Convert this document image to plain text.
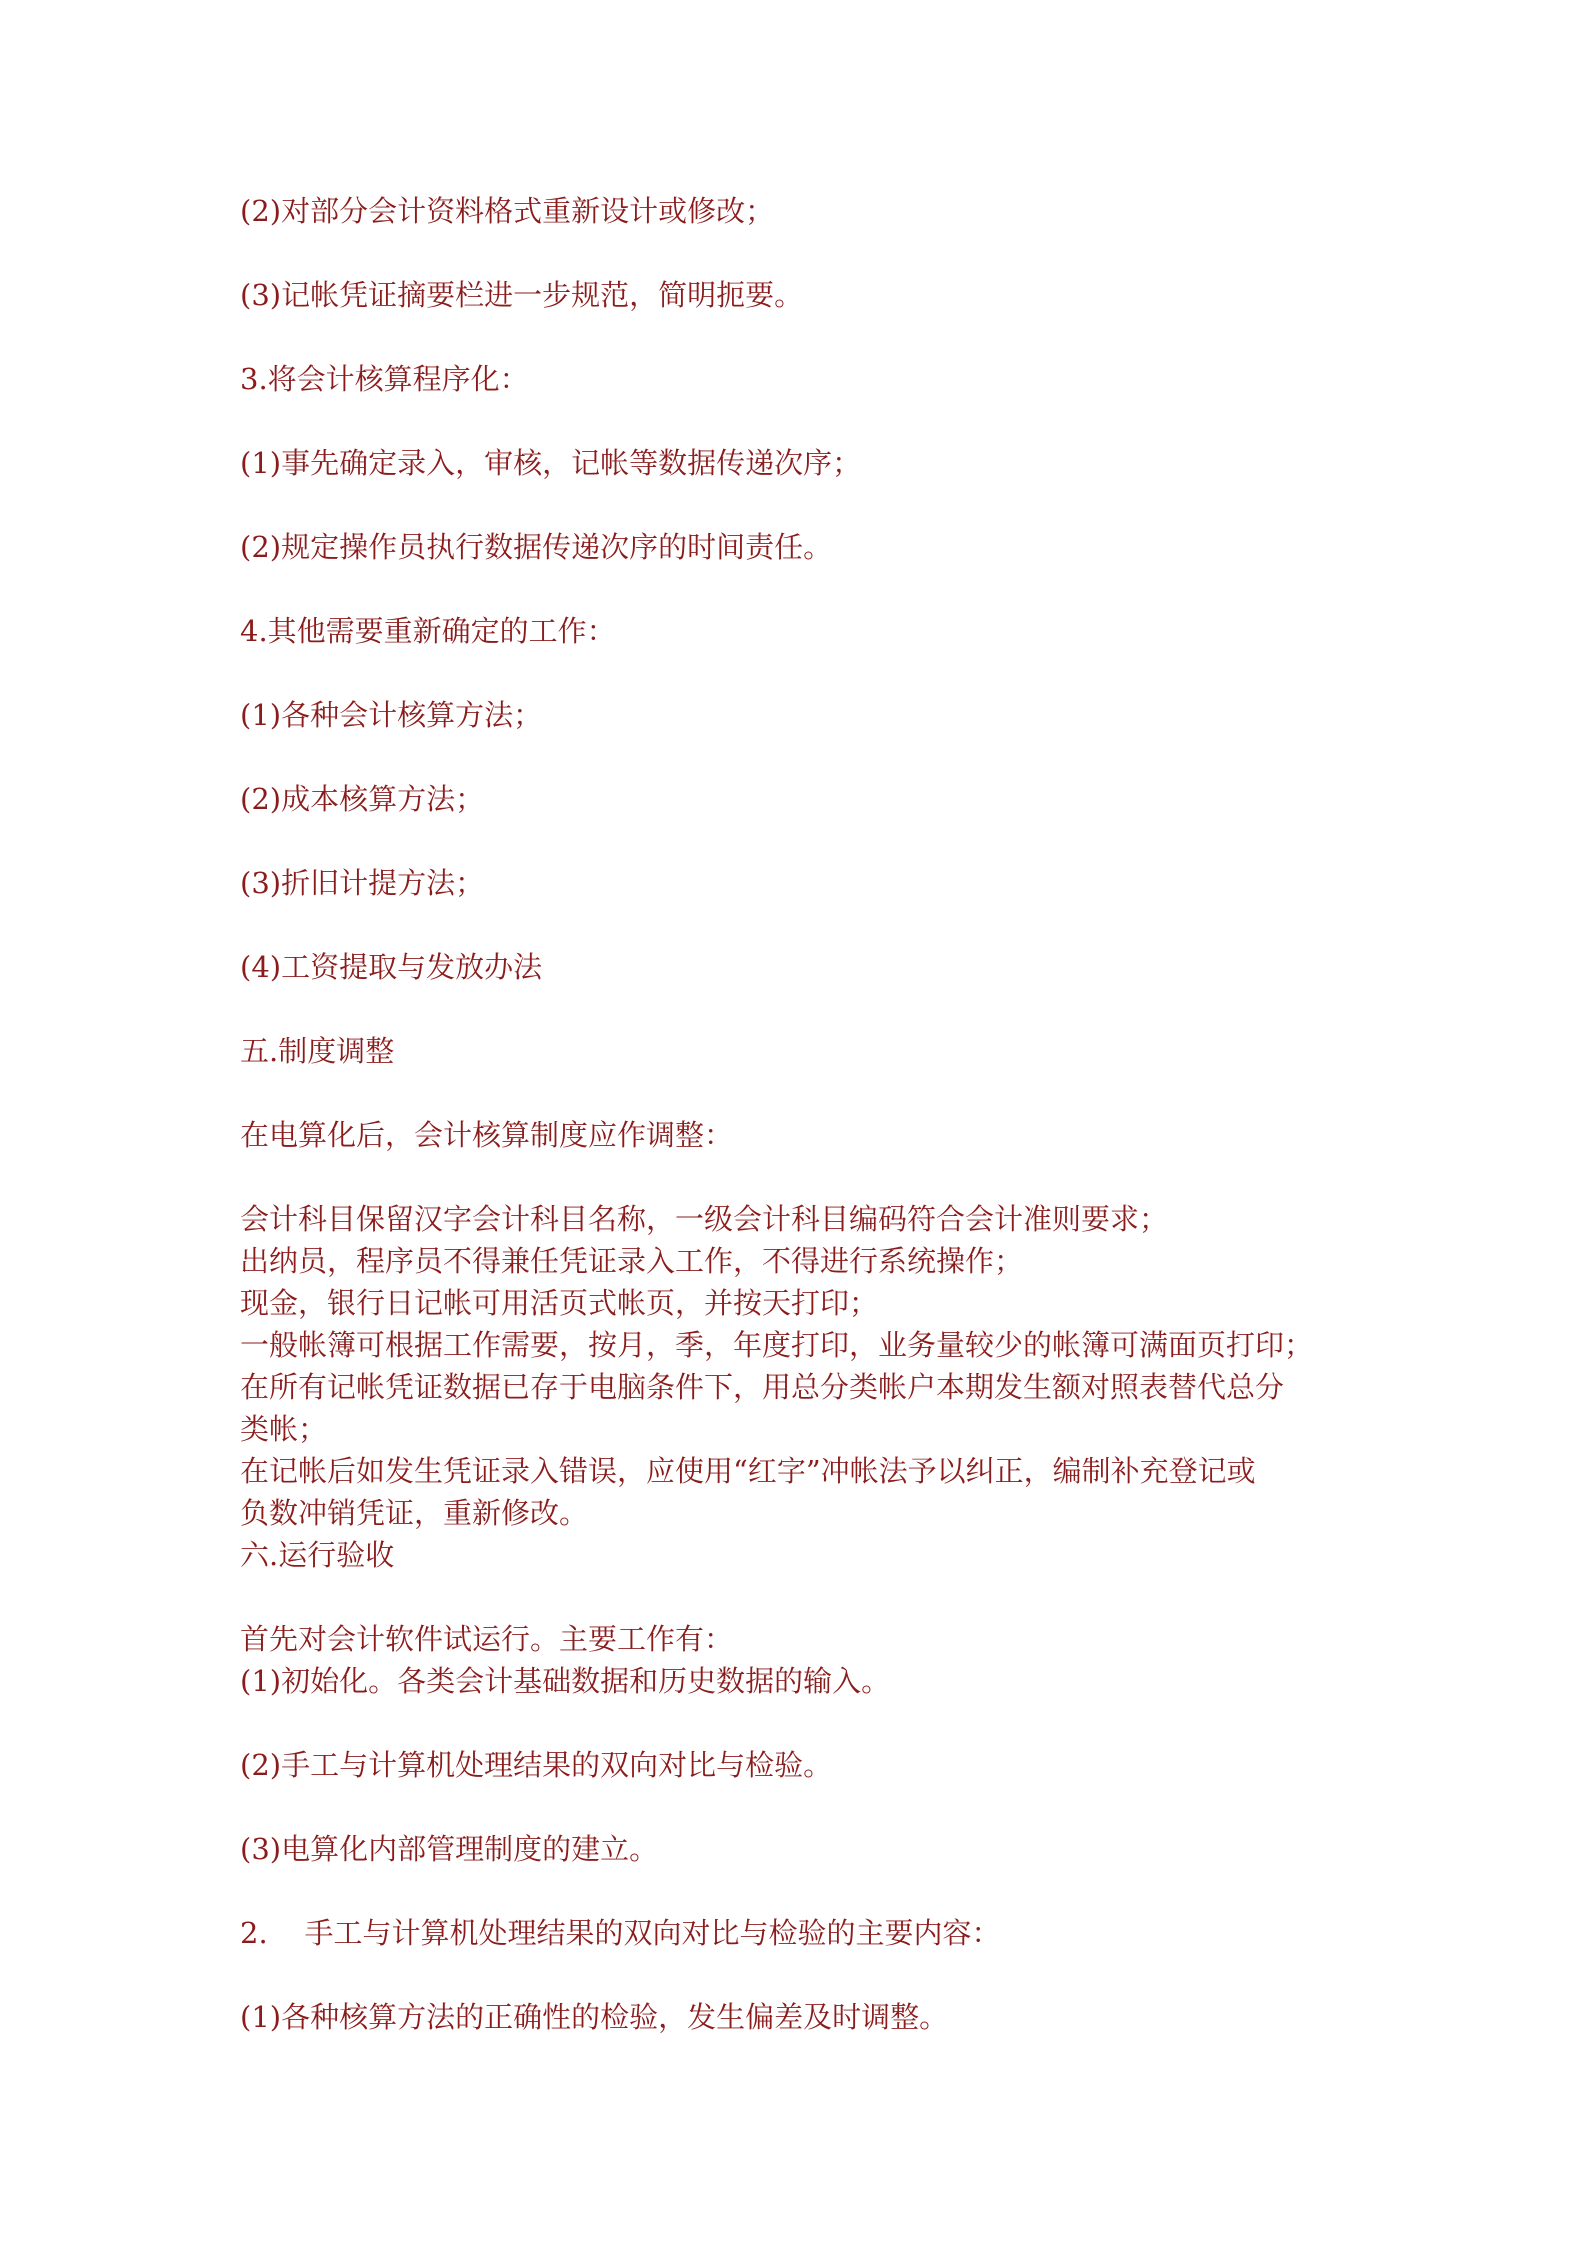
(2)对部分会计资料格式重新设计或修改；

(3)记帐凭证摘要栏进一步规范，简明扼要。

3.将会计核算程序化：

(1)事先确定录入，审核，记帐等数据传递次序；

(2)规定操作员执行数据传递次序的时间责任。

4.其他需要重新确定的工作：

(1)各种会计核算方法；

(2)成本核算方法；

(3)折旧计提方法；

(4)工资提取与发放办法

五.制度调整

在电算化后，会计核算制度应作调整：

会计科目保留汉字会计科目名称，一级会计科目编码符合会计准则要求；

出纳员，程序员不得兼任凭证录入工作，不得进行系统操作；

现金，银行日记帐可用活页式帐页，并按天打印；

一般帐簿可根据工作需要，按月，季，年度打印，业务量较少的帐簿可满面页打印；

在所有记帐凭证数据已存于电脑条件下，用总分类帐户本期发生额对照表替代总分

类帐；

在记帐后如发生凭证录入错误，应使用“红字”冲帐法予以纠正，编制补充登记或

负数冲销凭证，重新修改。

六.运行验收

首先对会计软件试运行。主要工作有：

(1)初始化。各类会计基础数据和历史数据的输入。

(2)手工与计算机处理结果的双向对比与检验。

(3)电算化内部管理制度的建立。

2.    手工与计算机处理结果的双向对比与检验的主要内容：

(1)各种核算方法的正确性的检验，发生偏差及时调整。
